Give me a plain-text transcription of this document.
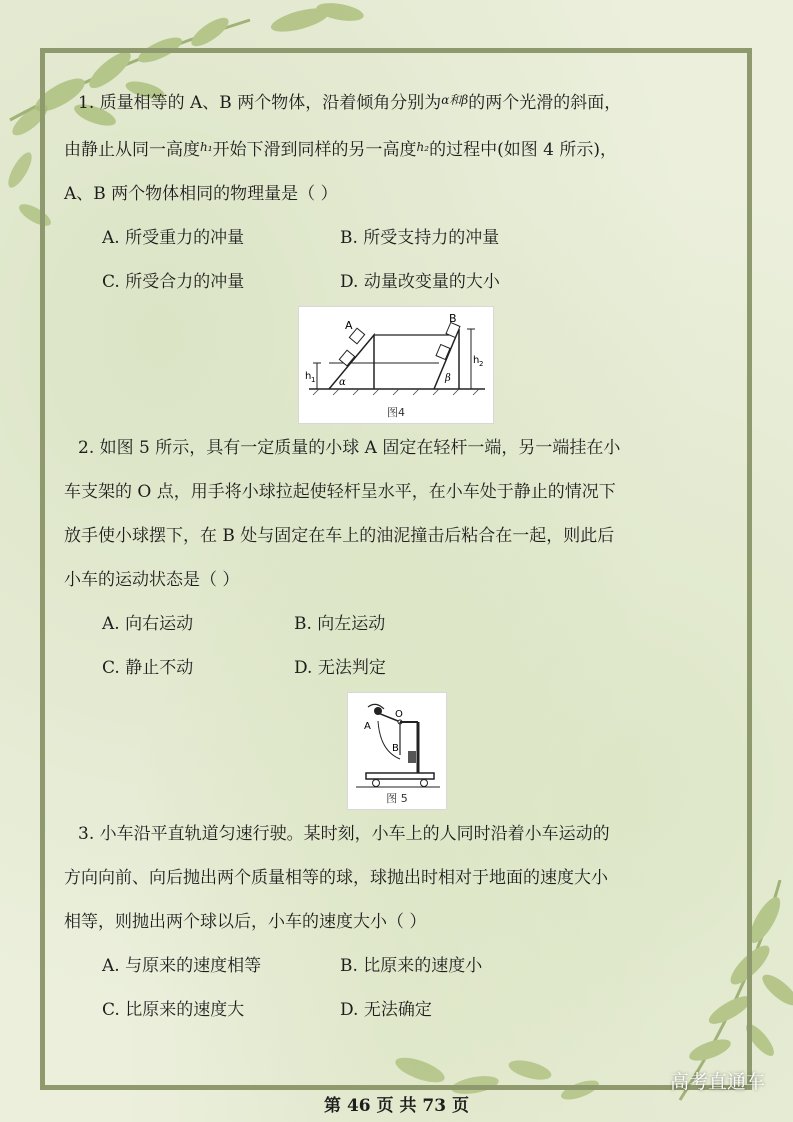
1. 质量相等的 A、B 两个物体，沿着倾角分别为$^{\alpha 和\beta}$的两个光滑的斜面，

由静止从同一高度$^{h_1}$开始下滑到同样的另一高度$^{h_2}$的过程中(如图 4 所示)，

A、B 两个物体相同的物理量是（ ）

A. 所受重力的冲量	B. 所受支持力的冲量
C. 所受合力的冲量	D. 动量改变量的大小
A
B
h 1
h 2
α	β
图4

2. 如图 5 所示，具有一定质量的小球 A 固定在轻杆一端，另一端挂在小

车支架的 O 点，用手将小球拉起使轻杆呈水平，在小车处于静止的情况下

放手使小球摆下，在 B 处与固定在车上的油泥撞击后粘合在一起，则此后

小车的运动状态是（ ）

A. 向右运动	B. 向左运动
C. 静止不动	D. 无法判定
A
O
B
图 5

3. 小车沿平直轨道匀速行驶。某时刻，小车上的人同时沿着小车运动的

方向向前、向后抛出两个质量相等的球，球抛出时相对于地面的速度大小

相等，则抛出两个球以后，小车的速度大小（ ）

A. 与原来的速度相等	B. 比原来的速度小
C. 比原来的速度大	D. 无法确定
高考直通车
第 46 页 共 73 页
